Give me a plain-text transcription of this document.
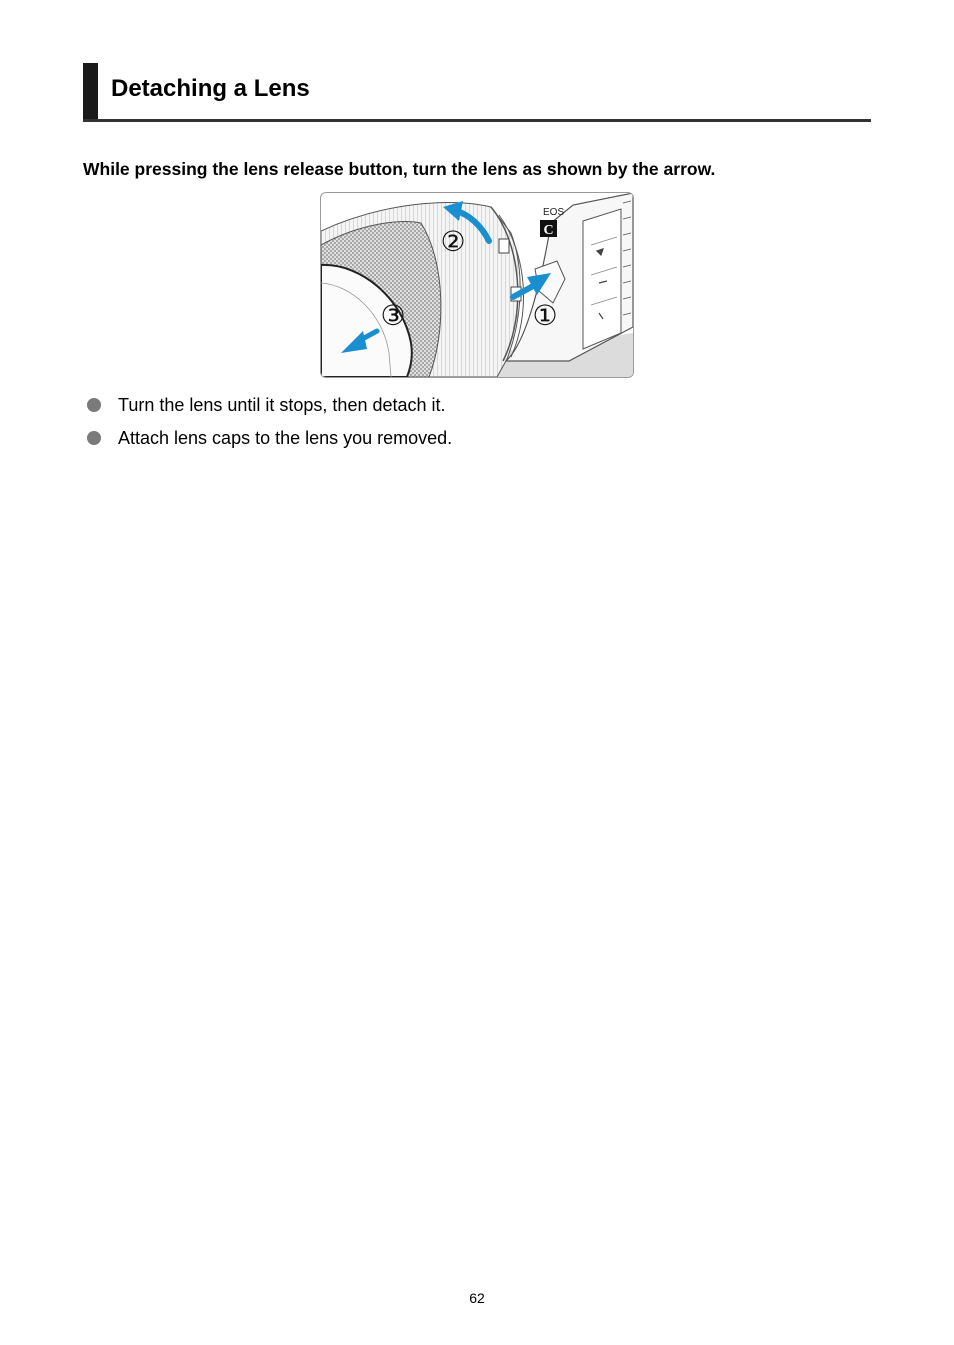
Detaching a Lens
While pressing the lens release button, turn the lens as shown by the arrow.
EOS
C
②
①
③
Turn the lens until it stops, then detach it.
Attach lens caps to the lens you removed.
62
